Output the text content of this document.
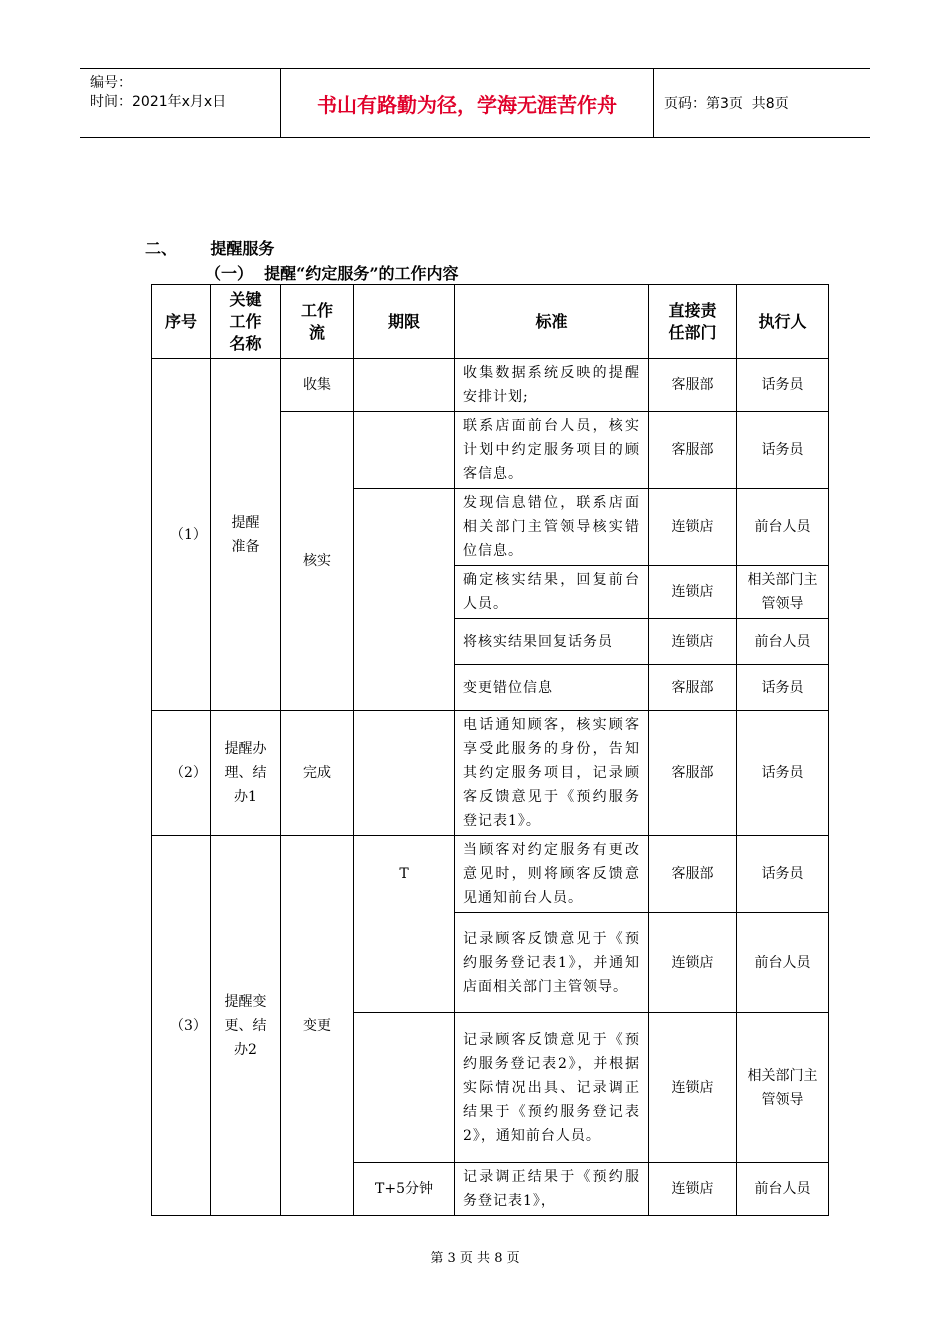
编号：
时间：2021年x月x日	书山有路勤为径，学海无涯苦作舟	页码：第3页  共8页
二、      提醒服务
（一）  提醒“约定服务”的工作内容
序号	关键工作名称	工作流	期限	标准	直接责任部门	执行人
（1）	提醒准备	收集		收集数据系统反映的提醒安排计划;	客服部	话务员
		核实		联系店面前台人员，核实计划中约定服务项目的顾客信息。	客服部	话务员
				发现信息错位，联系店面相关部门主管领导核实错位信息。	连锁店	前台人员
				确定核实结果，回复前台人员。	连锁店	相关部门主管领导
				将核实结果回复话务员	连锁店	前台人员
				变更错位信息	客服部	话务员
（2）	提醒办理、结办1	完成		电话通知顾客，核实顾客享受此服务的身份，告知其约定服务项目，记录顾客反馈意见于《预约服务登记表1》。	客服部	话务员
（3）	提醒变更、结办2	变更	T	当顾客对约定服务有更改意见时，则将顾客反馈意见通知前台人员。	客服部	话务员
				记录顾客反馈意见于《预约服务登记表1》，并通知店面相关部门主管领导。	连锁店	前台人员
				记录顾客反馈意见于《预约服务登记表2》，并根据实际情况出具、记录调正结果于《预约服务登记表2》，通知前台人员。	连锁店	相关部门主管领导
			T+5分钟	记录调正结果于《预约服务登记表1》，	连锁店	前台人员
第 3 页 共 8 页
